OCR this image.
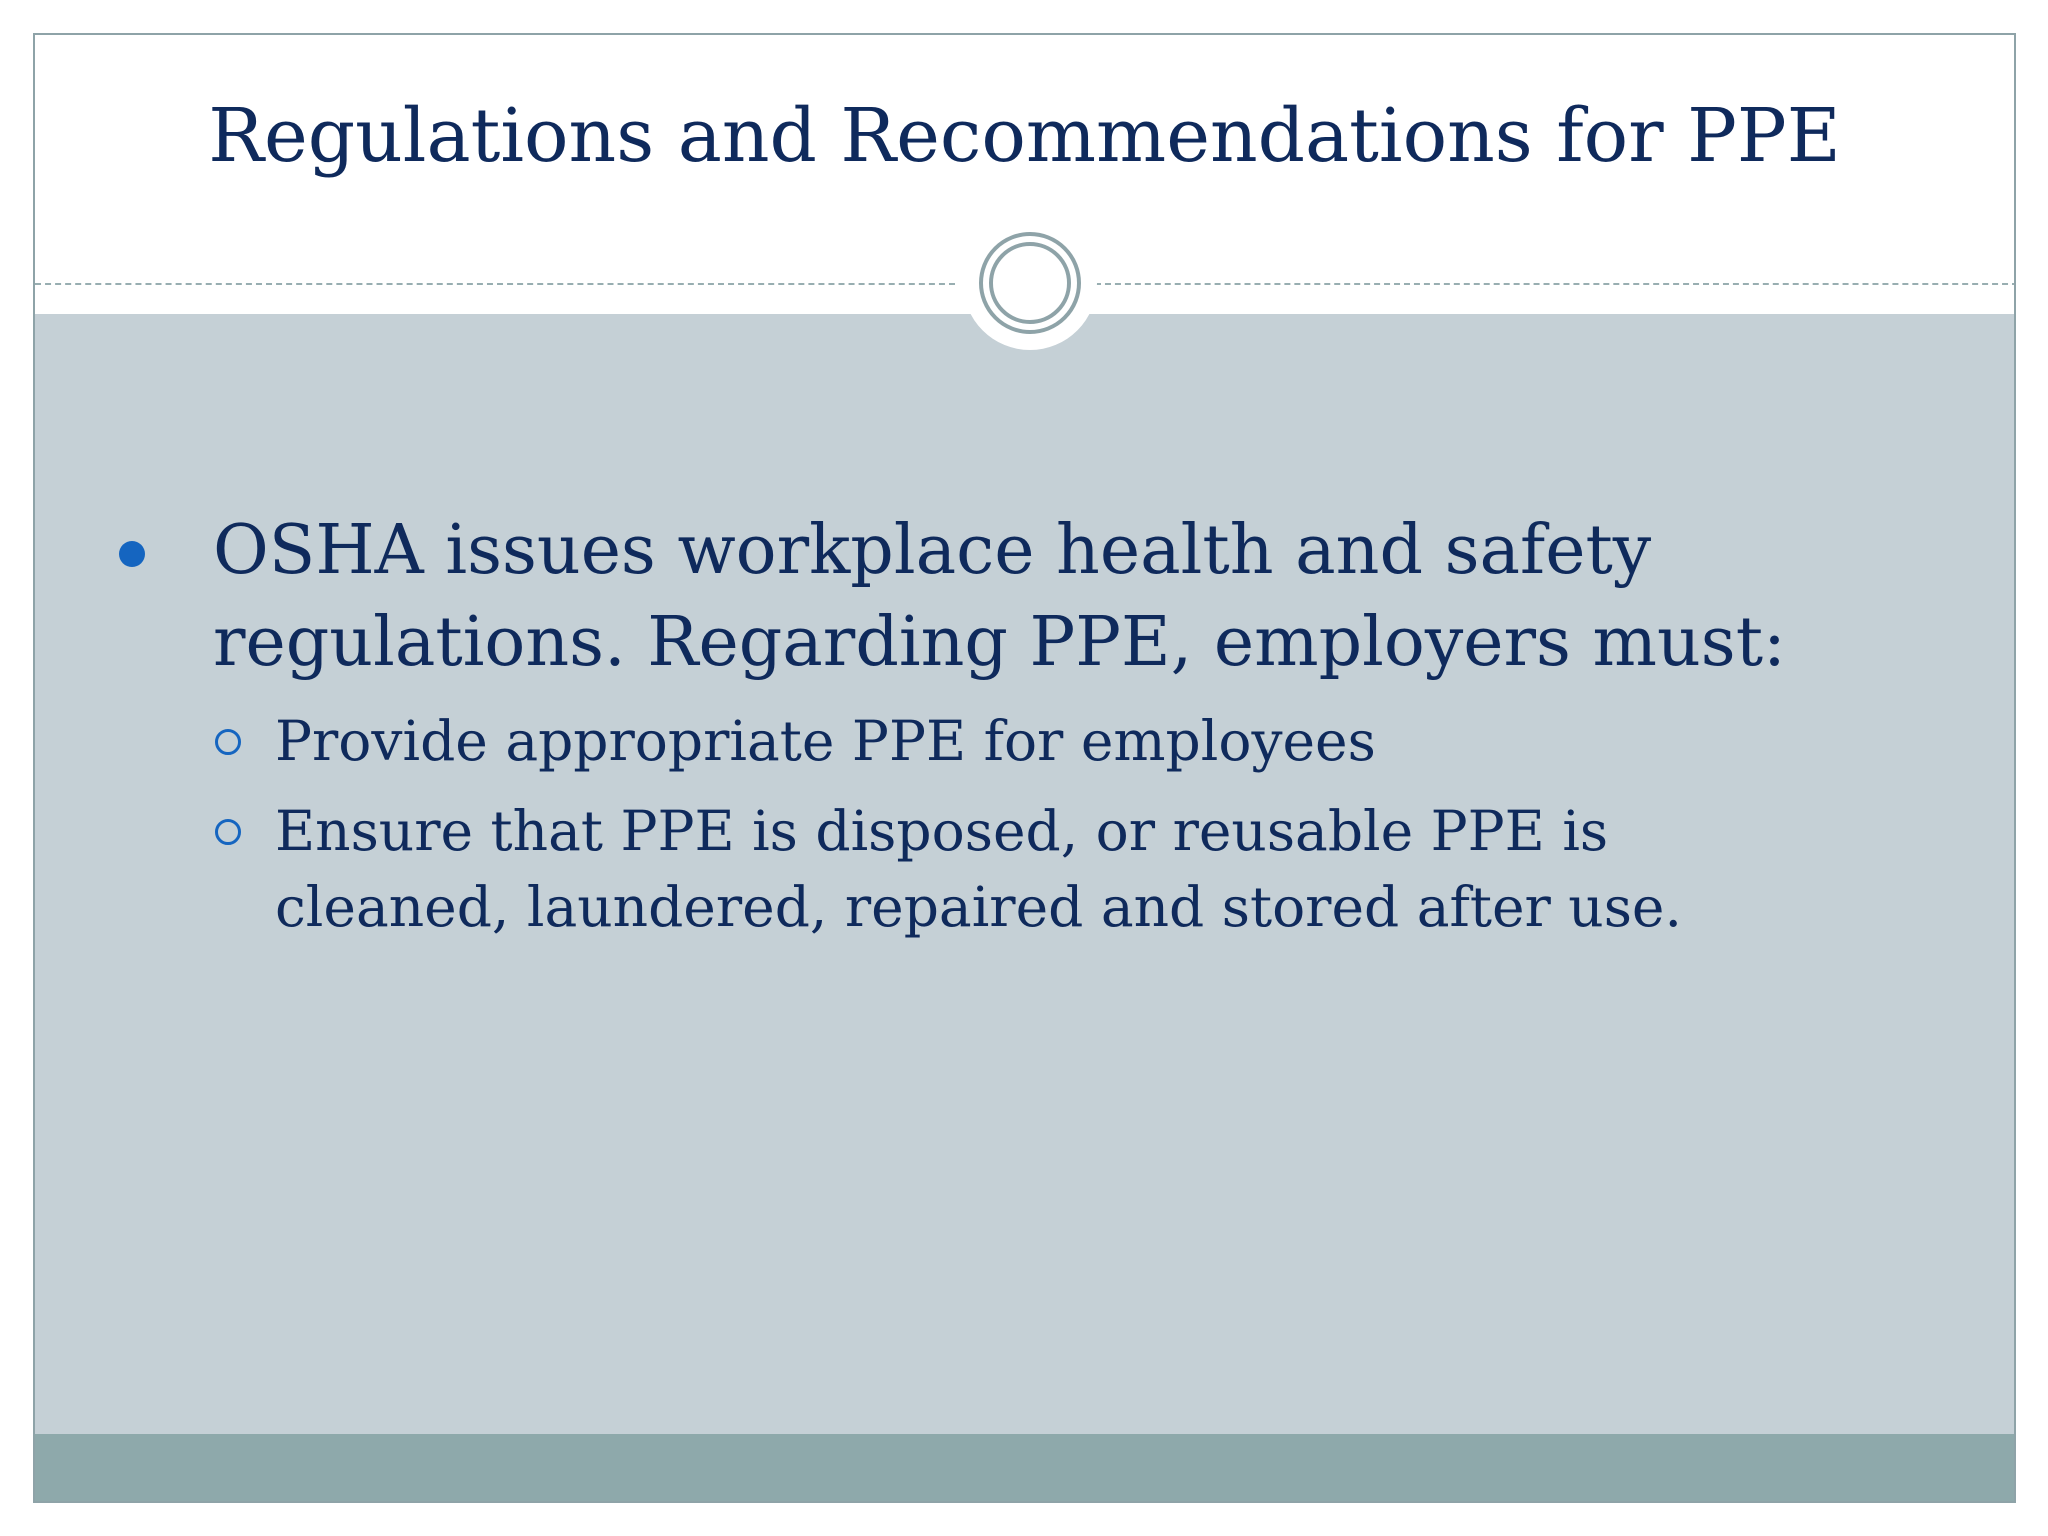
Regulations and Recommendations for PPE
OSHA issues workplace health and safety regulations. Regarding PPE, employers must:
Provide appropriate PPE for employees
Ensure that PPE is disposed, or reusable PPE is cleaned, laundered, repaired and stored after use.
